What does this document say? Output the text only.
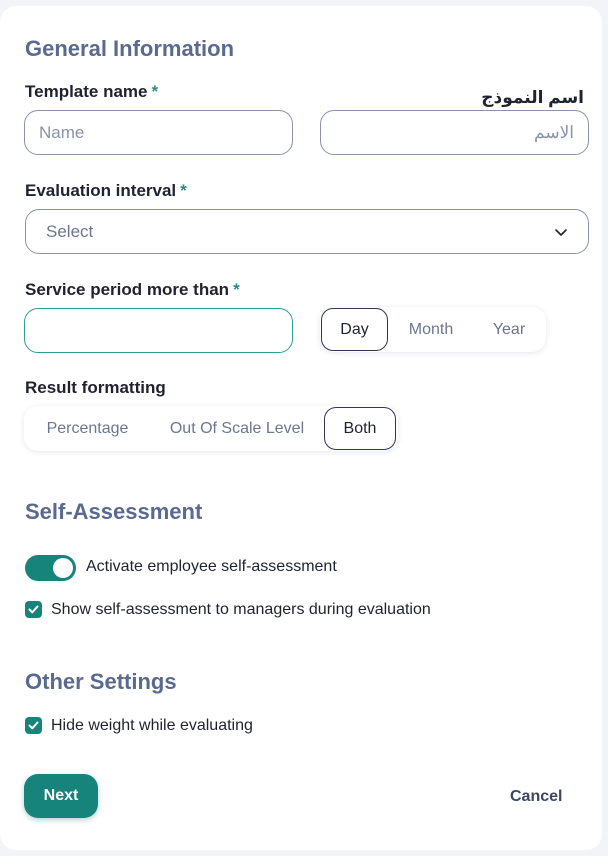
General Information
Template name *	اسم النموذج
Name
الاسم
Evaluation interval *
Select
Service period more than *
Day	Month	Year
Result formatting
Percentage	Out Of Scale Level	Both
Self-Assessment
Activate employee self-assessment
Show self-assessment to managers during evaluation
Other Settings
Hide weight while evaluating
Next	Cancel
